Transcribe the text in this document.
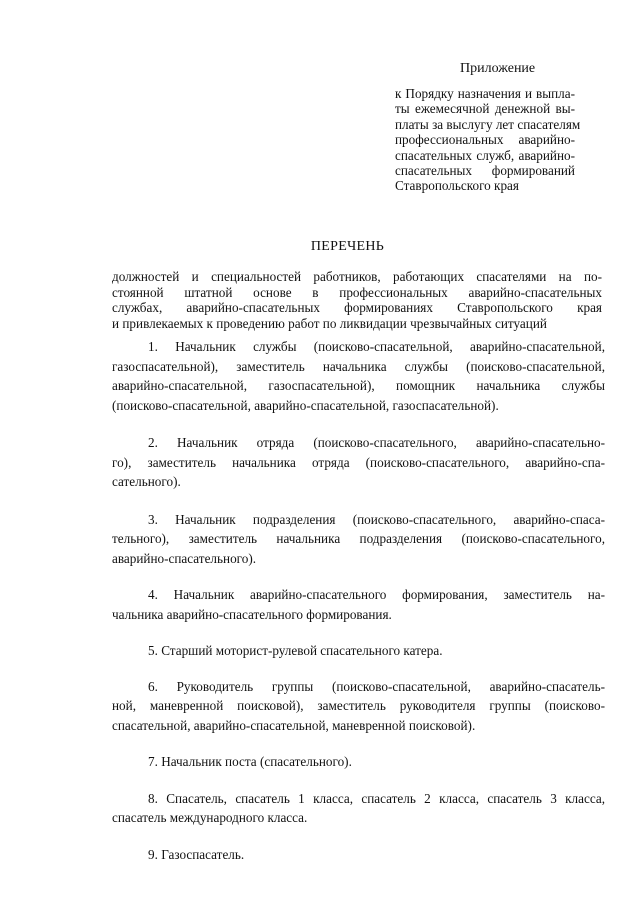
Приложение
к Порядку назначения и выпла-
ты ежемесячной денежной вы-
платы за выслугу лет спасателям
профессиональных аварийно-
спасательных служб, аварийно-
спасательных формирований
Ставропольского края
ПЕРЕЧЕНЬ
должностей и специальностей работников, работающих спасателями на по-
стоянной штатной основе в профессиональных аварийно-спасательных
службах, аварийно-спасательных формированиях Ставропольского края
и привлекаемых к проведению работ по ликвидации чрезвычайных ситуаций
1. Начальник службы (поисково-спасательной, аварийно-спасательной,
газоспасательной), заместитель начальника службы (поисково-спасательной,
аварийно-спасательной, газоспасательной), помощник начальника службы
(поисково-спасательной, аварийно-спасательной, газоспасательной).
2. Начальник отряда (поисково-спасательного, аварийно-спасательно-
го), заместитель начальника отряда (поисково-спасательного, аварийно-спа-
сательного).
3. Начальник подразделения (поисково-спасательного, аварийно-спаса-
тельного), заместитель начальника подразделения (поисково-спасательного,
аварийно-спасательного).
4. Начальник аварийно-спасательного формирования, заместитель на-
чальника аварийно-спасательного формирования.
5. Старший моторист-рулевой спасательного катера.
6. Руководитель группы (поисково-спасательной, аварийно-спасатель-
ной, маневренной поисковой), заместитель руководителя группы (поисково-
спасательной, аварийно-спасательной, маневренной поисковой).
7. Начальник поста (спасательного).
8. Спасатель, спасатель 1 класса, спасатель 2 класса, спасатель 3 класса,
спасатель международного класса.
9. Газоспасатель.
